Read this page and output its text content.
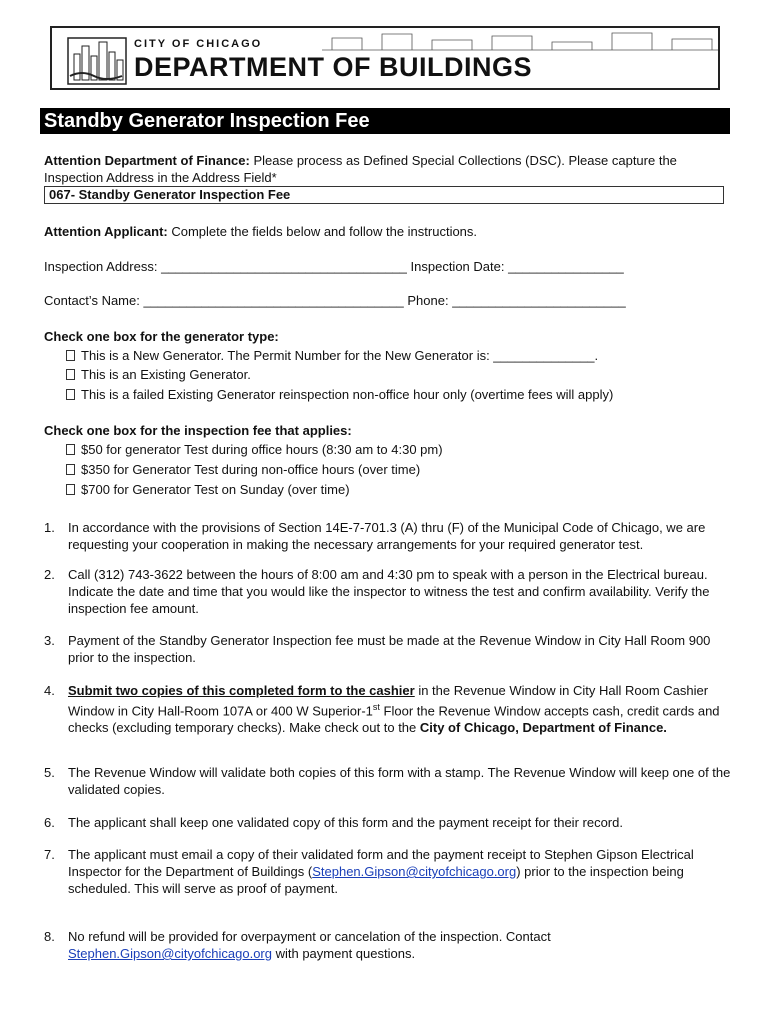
CITY OF CHICAGO
DEPARTMENT OF BUILDINGS
Standby Generator Inspection Fee

Attention Department of Finance: Please process as Defined Special Collections (DSC). Please capture the Inspection Address in the Address Field*

067- Standby Generator Inspection Fee

Attention Applicant: Complete the fields below and follow the instructions.

Inspection Address: __________________________________ Inspection Date: ________________
Contact’s Name: ____________________________________ Phone: ________________________
Check one box for the generator type:
This is a New Generator. The Permit Number for the New Generator is: ______________.
This is an Existing Generator.
This is a failed Existing Generator reinspection non-office hour only (overtime fees will apply)
Check one box for the inspection fee that applies:
$50 for generator Test during office hours (8:30 am to 4:30 pm)
$350 for Generator Test during non-office hours (over time)
$700 for Generator Test on Sunday (over time)
1. In accordance with the provisions of Section 14E-7-701.3 (A) thru (F) of the Municipal Code of Chicago, we are requesting your cooperation in making the necessary arrangements for your required generator test.
2. Call (312) 743-3622 between the hours of 8:00 am and 4:30 pm to speak with a person in the Electrical bureau. Indicate the date and time that you would like the inspector to witness the test and confirm availability. Verify the inspection fee amount.
3. Payment of the Standby Generator Inspection fee must be made at the Revenue Window in City Hall Room 900 prior to the inspection.
4. Submit two copies of this completed form to the cashier in the Revenue Window in City Hall Room Cashier Window in City Hall-Room 107A or 400 W Superior-1st Floor the Revenue Window accepts cash, credit cards and checks (excluding temporary checks). Make check out to the City of Chicago, Department of Finance.
5. The Revenue Window will validate both copies of this form with a stamp. The Revenue Window will keep one of the validated copies.
6. The applicant shall keep one validated copy of this form and the payment receipt for their record.
7. The applicant must email a copy of their validated form and the payment receipt to Stephen Gipson Electrical Inspector for the Department of Buildings (Stephen.Gipson@cityofchicago.org) prior to the inspection being scheduled. This will serve as proof of payment.
8. No refund will be provided for overpayment or cancelation of the inspection. Contact Stephen.Gipson@cityofchicago.org with payment questions.
